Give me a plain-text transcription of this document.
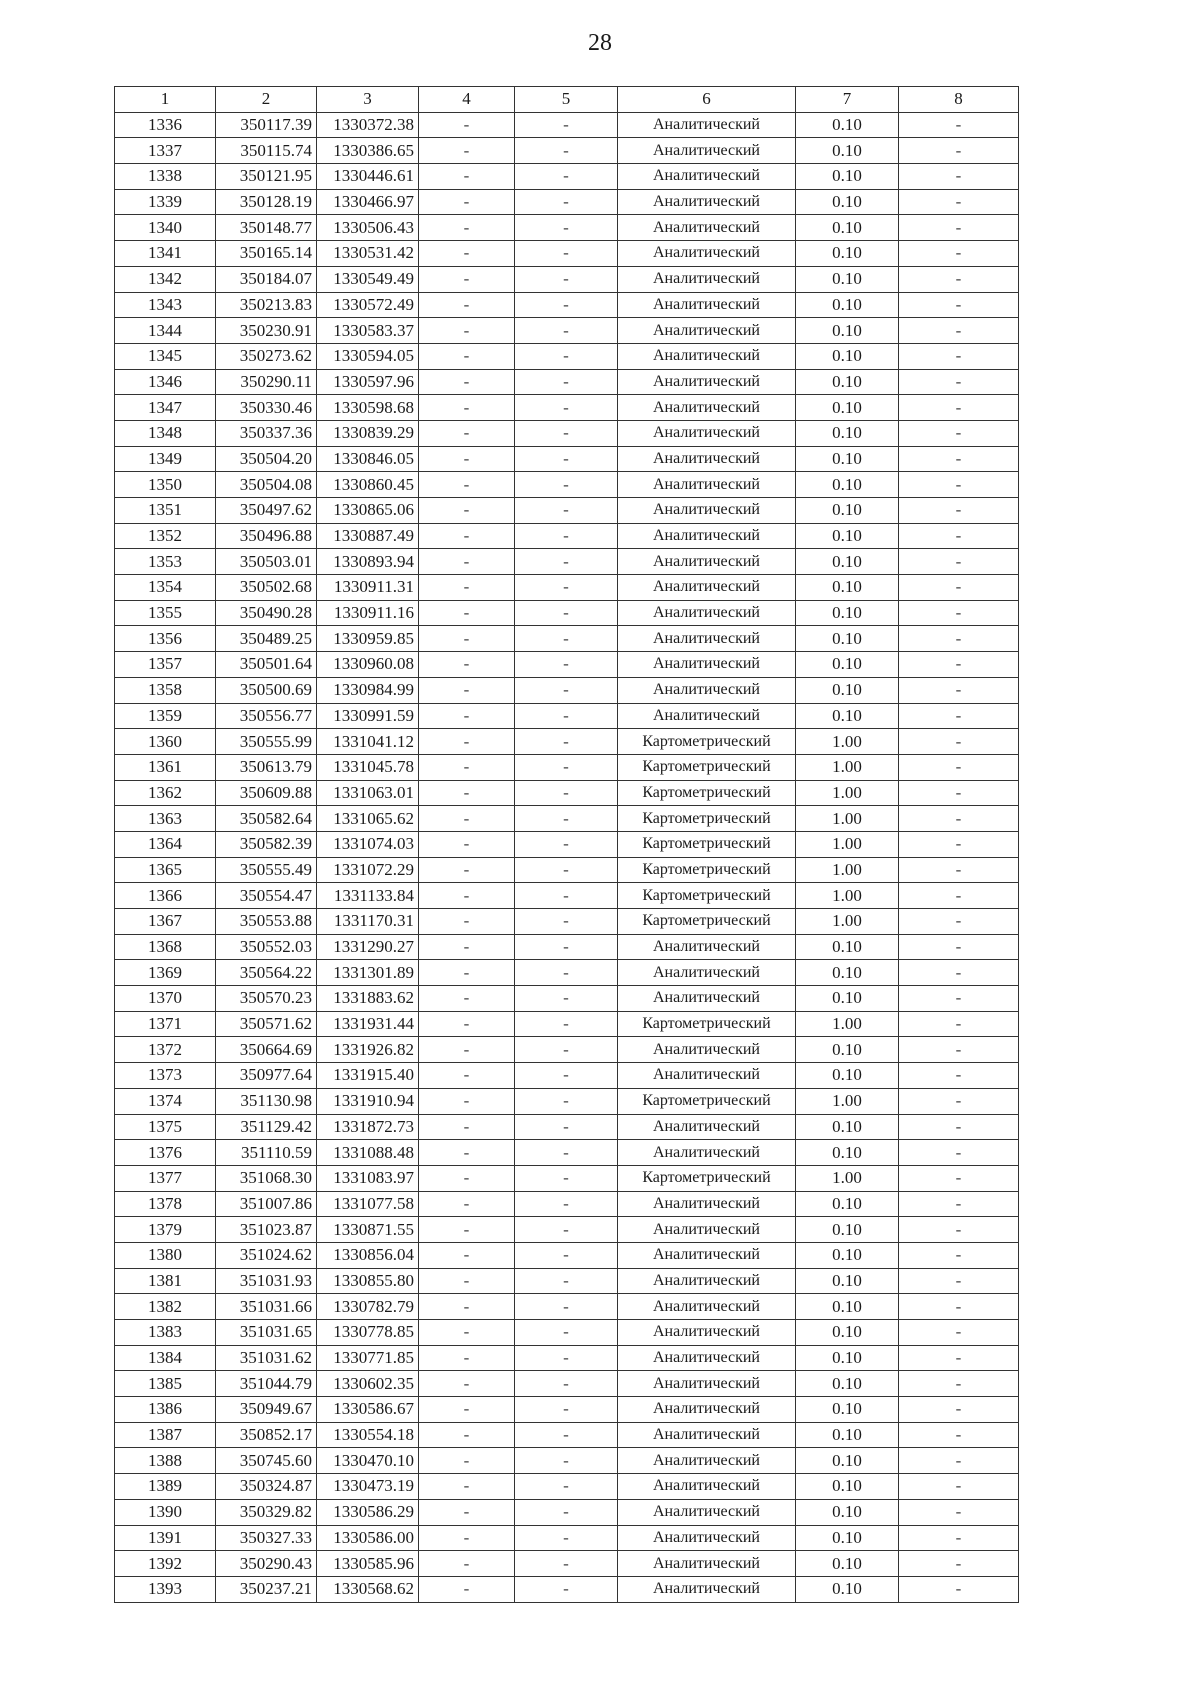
28
1	2	3	4	5	6	7	8
1336	350117.39	1330372.38	-	-	Аналитический	0.10	-
1337	350115.74	1330386.65	-	-	Аналитический	0.10	-
1338	350121.95	1330446.61	-	-	Аналитический	0.10	-
1339	350128.19	1330466.97	-	-	Аналитический	0.10	-
1340	350148.77	1330506.43	-	-	Аналитический	0.10	-
1341	350165.14	1330531.42	-	-	Аналитический	0.10	-
1342	350184.07	1330549.49	-	-	Аналитический	0.10	-
1343	350213.83	1330572.49	-	-	Аналитический	0.10	-
1344	350230.91	1330583.37	-	-	Аналитический	0.10	-
1345	350273.62	1330594.05	-	-	Аналитический	0.10	-
1346	350290.11	1330597.96	-	-	Аналитический	0.10	-
1347	350330.46	1330598.68	-	-	Аналитический	0.10	-
1348	350337.36	1330839.29	-	-	Аналитический	0.10	-
1349	350504.20	1330846.05	-	-	Аналитический	0.10	-
1350	350504.08	1330860.45	-	-	Аналитический	0.10	-
1351	350497.62	1330865.06	-	-	Аналитический	0.10	-
1352	350496.88	1330887.49	-	-	Аналитический	0.10	-
1353	350503.01	1330893.94	-	-	Аналитический	0.10	-
1354	350502.68	1330911.31	-	-	Аналитический	0.10	-
1355	350490.28	1330911.16	-	-	Аналитический	0.10	-
1356	350489.25	1330959.85	-	-	Аналитический	0.10	-
1357	350501.64	1330960.08	-	-	Аналитический	0.10	-
1358	350500.69	1330984.99	-	-	Аналитический	0.10	-
1359	350556.77	1330991.59	-	-	Аналитический	0.10	-
1360	350555.99	1331041.12	-	-	Картометрический	1.00	-
1361	350613.79	1331045.78	-	-	Картометрический	1.00	-
1362	350609.88	1331063.01	-	-	Картометрический	1.00	-
1363	350582.64	1331065.62	-	-	Картометрический	1.00	-
1364	350582.39	1331074.03	-	-	Картометрический	1.00	-
1365	350555.49	1331072.29	-	-	Картометрический	1.00	-
1366	350554.47	1331133.84	-	-	Картометрический	1.00	-
1367	350553.88	1331170.31	-	-	Картометрический	1.00	-
1368	350552.03	1331290.27	-	-	Аналитический	0.10	-
1369	350564.22	1331301.89	-	-	Аналитический	0.10	-
1370	350570.23	1331883.62	-	-	Аналитический	0.10	-
1371	350571.62	1331931.44	-	-	Картометрический	1.00	-
1372	350664.69	1331926.82	-	-	Аналитический	0.10	-
1373	350977.64	1331915.40	-	-	Аналитический	0.10	-
1374	351130.98	1331910.94	-	-	Картометрический	1.00	-
1375	351129.42	1331872.73	-	-	Аналитический	0.10	-
1376	351110.59	1331088.48	-	-	Аналитический	0.10	-
1377	351068.30	1331083.97	-	-	Картометрический	1.00	-
1378	351007.86	1331077.58	-	-	Аналитический	0.10	-
1379	351023.87	1330871.55	-	-	Аналитический	0.10	-
1380	351024.62	1330856.04	-	-	Аналитический	0.10	-
1381	351031.93	1330855.80	-	-	Аналитический	0.10	-
1382	351031.66	1330782.79	-	-	Аналитический	0.10	-
1383	351031.65	1330778.85	-	-	Аналитический	0.10	-
1384	351031.62	1330771.85	-	-	Аналитический	0.10	-
1385	351044.79	1330602.35	-	-	Аналитический	0.10	-
1386	350949.67	1330586.67	-	-	Аналитический	0.10	-
1387	350852.17	1330554.18	-	-	Аналитический	0.10	-
1388	350745.60	1330470.10	-	-	Аналитический	0.10	-
1389	350324.87	1330473.19	-	-	Аналитический	0.10	-
1390	350329.82	1330586.29	-	-	Аналитический	0.10	-
1391	350327.33	1330586.00	-	-	Аналитический	0.10	-
1392	350290.43	1330585.96	-	-	Аналитический	0.10	-
1393	350237.21	1330568.62	-	-	Аналитический	0.10	-
